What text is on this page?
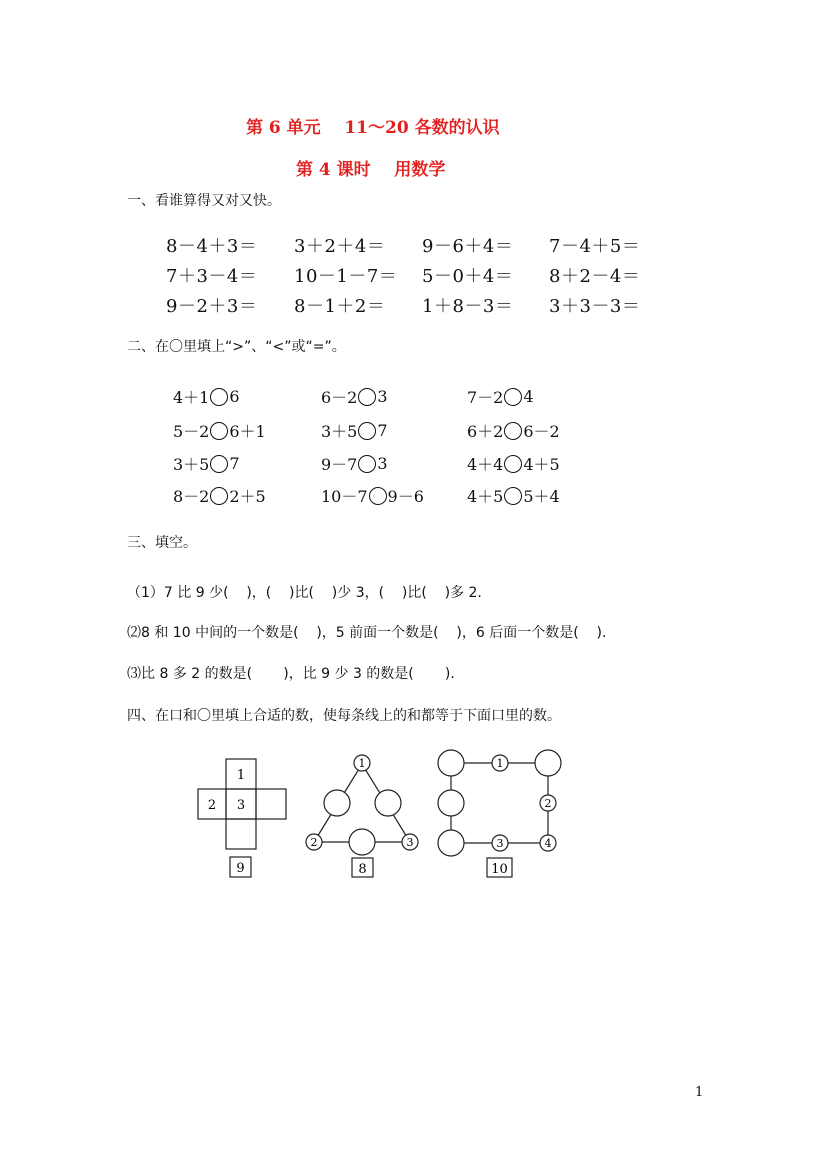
第 6 单元    11～20 各数的认识
第 4 课时    用数学
一、看谁算得又对又快。
8－4＋3＝ 3＋2＋4＝ 9－6＋4＝ 7－4＋5＝
7＋3－4＝ 10－1－7＝ 5－0＋4＝ 8＋2－4＝
9－2＋3＝ 8－1＋2＝ 1＋8－3＝ 3＋3－3＝
二、在〇里填上“>”、“<”或“=”。
4＋1 6	6－2 3	7－2 4
5－2 6＋1	3＋5 7	6＋2 6－2
3＋5 7	9－7 3	4＋4 4＋5
8－2 2＋5	10－7 9－6	4＋5 5＋4
三、填空。
（1）7 比 9 少(    )，(    )比(    )少 3，(    )比(    )多 2.
⑵8 和 10 中间的一个数是(    )，5 前面一个数是(    )，6 后面一个数是(    ).
⑶比 8 多 2 的数是(       )，比 9 少 3 的数是(       ).
四、在口和〇里填上合适的数，使每条线上的和都等于下面口里的数。
1
2 3
9
1
2	3
8
1
2
3	4
10
1
